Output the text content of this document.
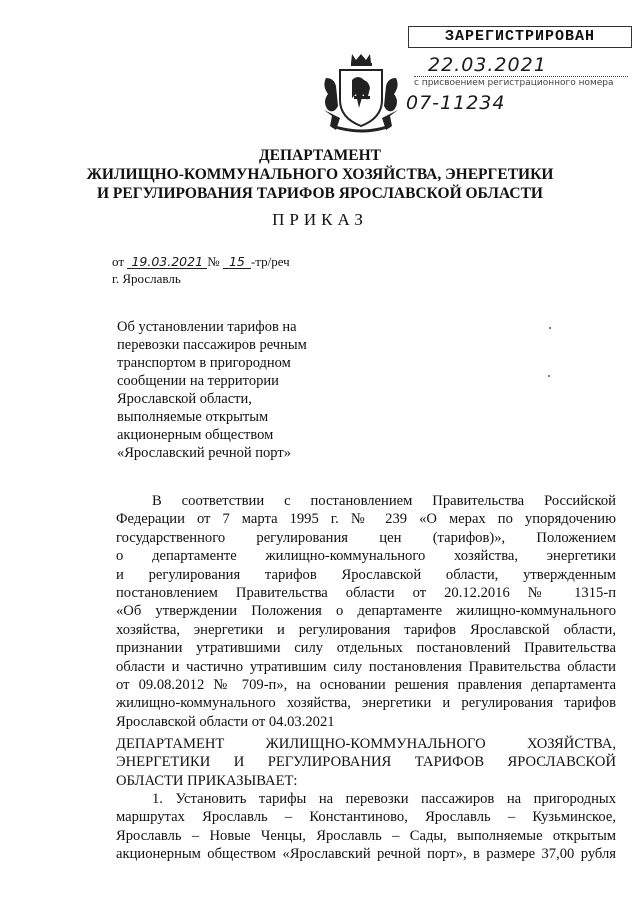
ЗАРЕГИСТРИРОВАН
22.03.2021
с присвоением регистрационного номера
07-11234
ДЕПАРТАМЕНТ
ЖИЛИЩНО-КОММУНАЛЬНОГО ХОЗЯЙСТВА, ЭНЕРГЕТИКИ
И РЕГУЛИРОВАНИЯ ТАРИФОВ ЯРОСЛАВСКОЙ ОБЛАСТИ
ПРИКАЗ
от 19.03.2021 № 15 -тр/реч
г. Ярославль
Об установлении тарифов на
перевозки пассажиров речным
транспортом в пригородном
сообщении на территории
Ярославской области,
выполняемые открытым
акционерным обществом
«Ярославский речной порт»
В соответствии с постановлением Правительства Российской
Федерации от 7 марта 1995 г. № 239 «О мерах по упорядочению
государственного регулирования цен (тарифов)», Положением
о департаменте жилищно-коммунального хозяйства, энергетики
и регулирования тарифов Ярославской области, утвержденным
постановлением Правительства области от 20.12.2016 № 1315-п
«Об утверждении Положения о департаменте жилищно-коммунального
хозяйства, энергетики и регулирования тарифов Ярославской области,
признании утратившими силу отдельных постановлений Правительства
области и частично утратившим силу постановления Правительства области
от 09.08.2012 № 709-п», на основании решения правления департамента
жилищно-коммунального хозяйства, энергетики и регулирования тарифов
Ярославской области от 04.03.2021
ДЕПАРТАМЕНТ ЖИЛИЩНО-КОММУНАЛЬНОГО ХОЗЯЙСТВА,
ЭНЕРГЕТИКИ И РЕГУЛИРОВАНИЯ ТАРИФОВ ЯРОСЛАВСКОЙ
ОБЛАСТИ ПРИКАЗЫВАЕТ:
1. Установить тарифы на перевозки пассажиров на пригородных
маршрутах Ярославль – Константиново, Ярославль – Кузьминское,
Ярославль – Новые Ченцы, Ярославль – Сады, выполняемые открытым
акционерным обществом «Ярославский речной порт», в размере 37,00 рубля
